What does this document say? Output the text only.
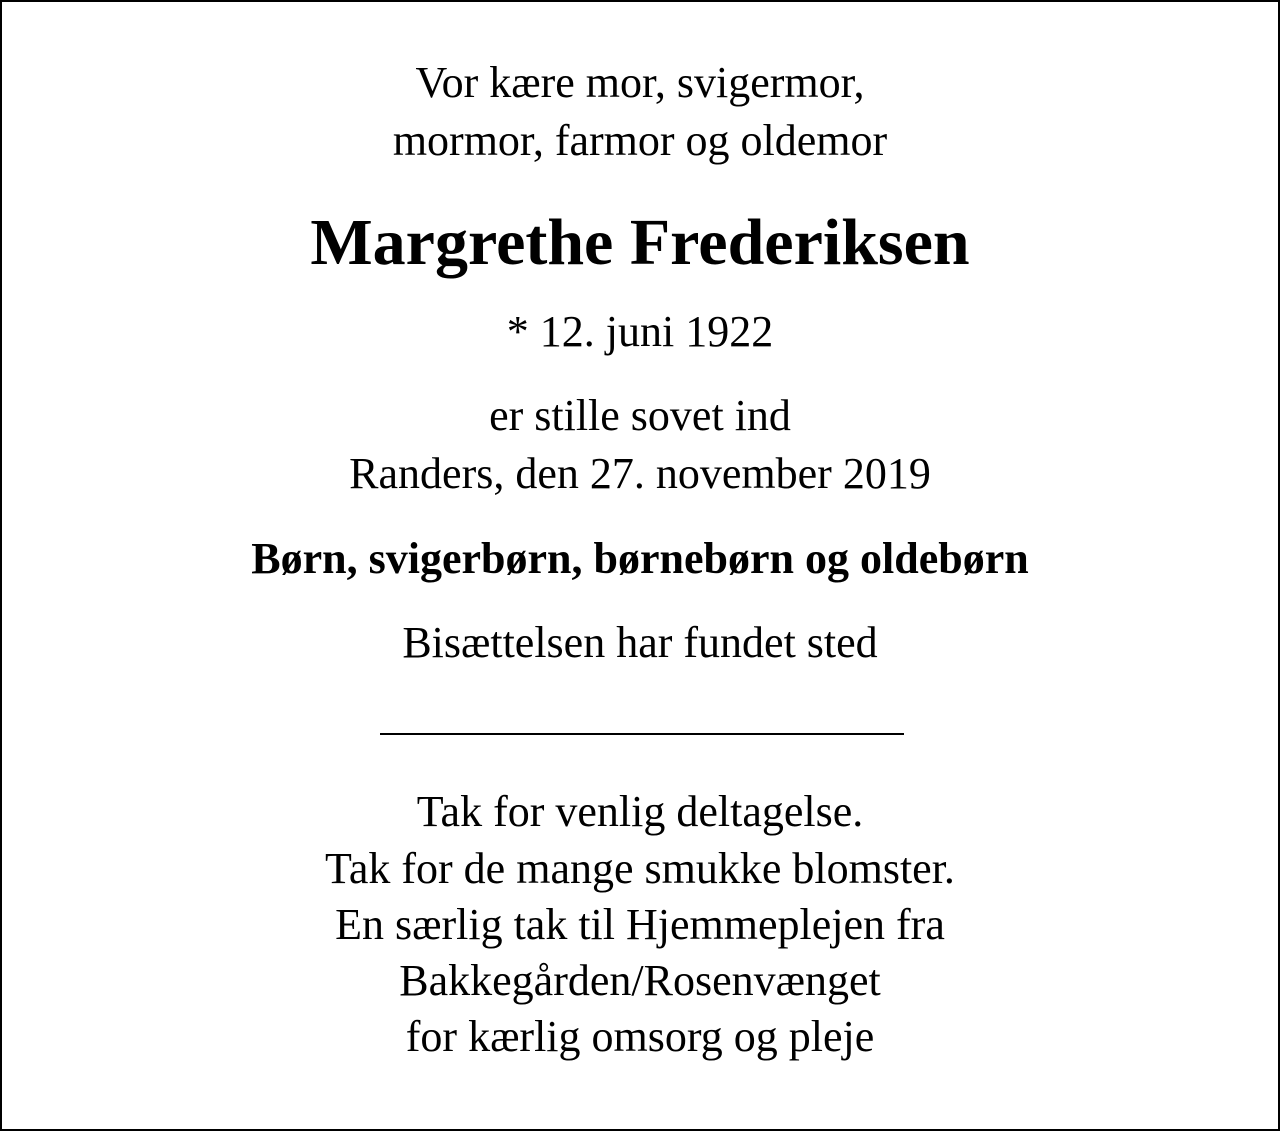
Vor kære mor, svigermor,
mormor, farmor og oldemor
Margrethe Frederiksen
* 12. juni 1922
er stille sovet ind
Randers, den 27. november 2019
Børn, svigerbørn, børnebørn og oldebørn
Bisættelsen har fundet sted
Tak for venlig deltagelse.
Tak for de mange smukke blomster.
En særlig tak til Hjemmeplejen fra
Bakkegården/Rosenvænget
for kærlig omsorg og pleje
